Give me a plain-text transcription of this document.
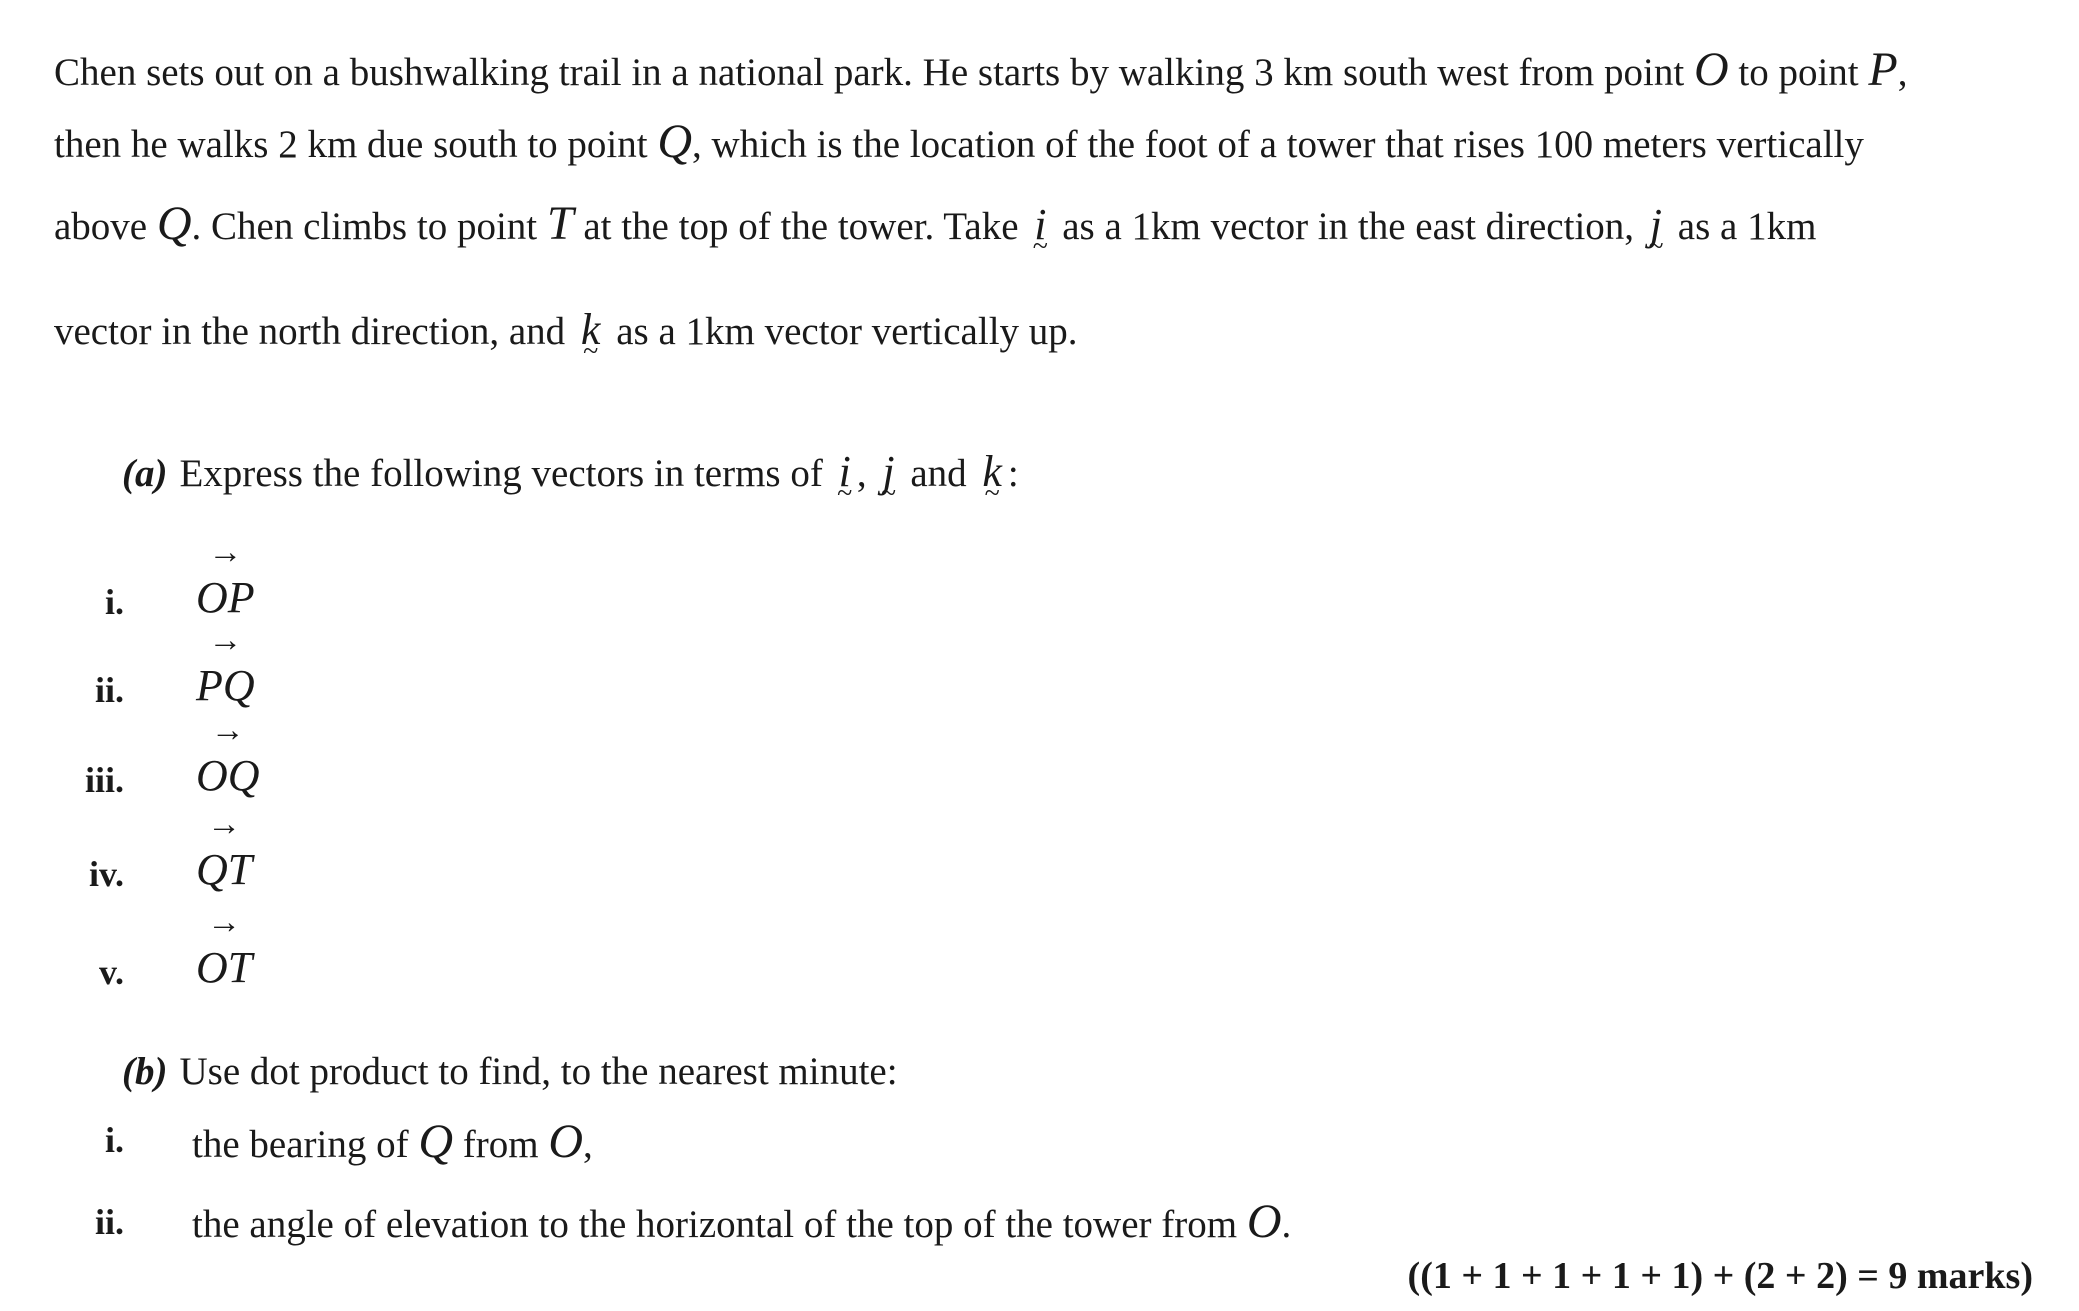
Chen sets out on a bushwalking trail in a national park. He starts by walking 3 km south west from point O to point P,
then he walks 2 km due south to point Q, which is the location of the foot of a tower that rises 100 meters vertically
above Q. Chen climbs to point T at the top of the tower. Take i ~ as a 1km vector in the east direction, j ~ as a 1km
vector in the north direction, and k ~ as a 1km vector vertically up.
(a) Express the following vectors in terms of i ~ , j ~ and k ~ :
i.
→
OP
ii.
→
PQ
iii.
→
OQ
iv.
→
QT
v.
→
OT
(b) Use dot product to find, to the nearest minute:
i. the bearing of Q from O,
ii. the angle of elevation to the horizontal of the top of the tower from O.
((1 + 1 + 1 + 1 + 1) + (2 + 2) = 9 marks)
